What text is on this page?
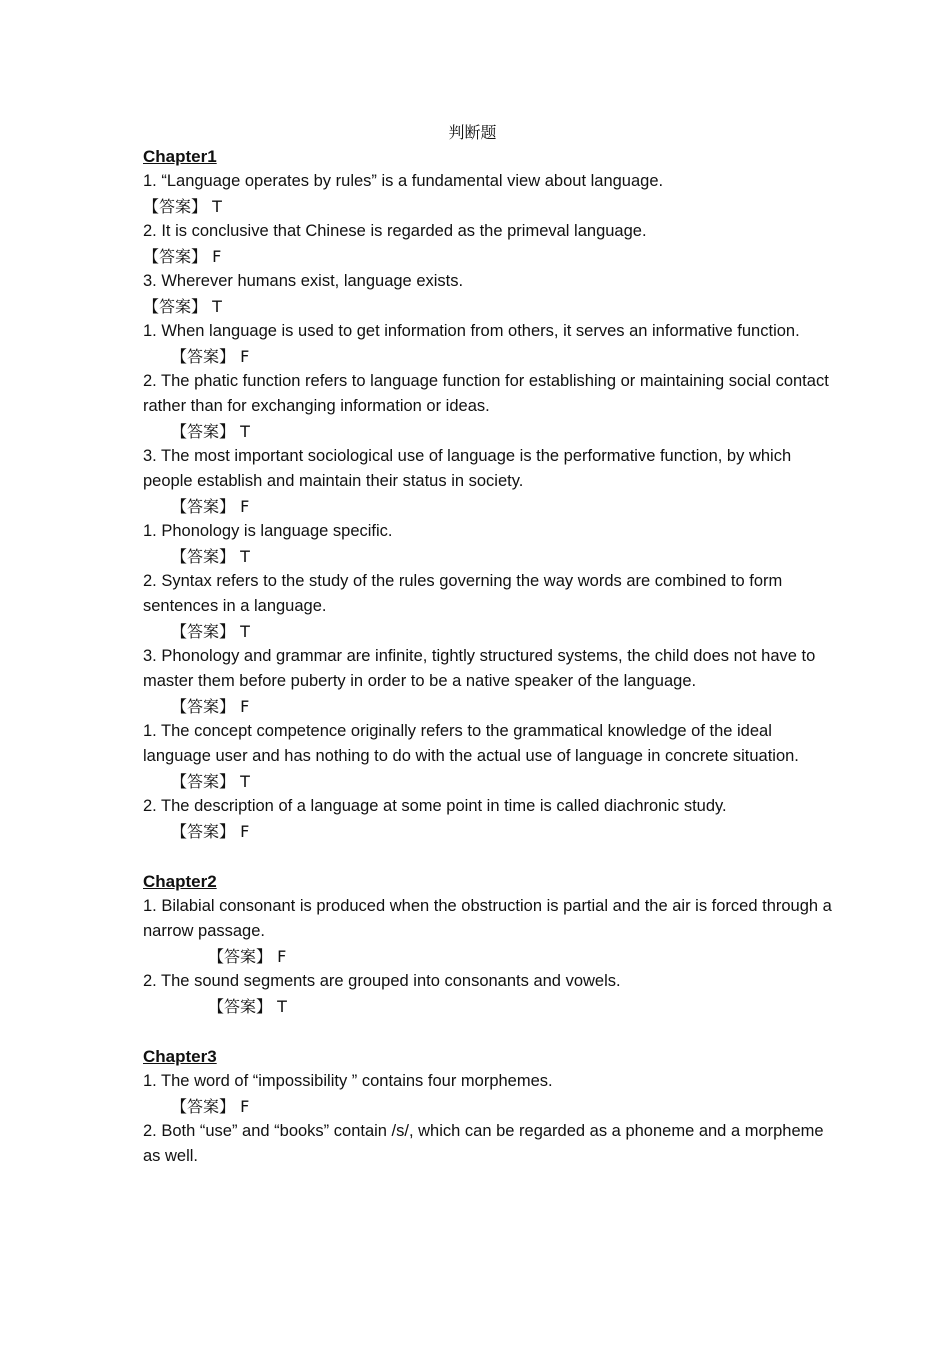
判断题
Chapter1
1. “Language operates by rules” is a fundamental view about language.
【答案】 T
2. It is conclusive that Chinese is regarded as the primeval language.
【答案】 F
3. Wherever humans exist, language exists.
【答案】 T
1. When language is used to get information from others, it serves an informative function.
【答案】 F
2. The phatic function refers to language function for establishing or maintaining social contact rather than for exchanging information or ideas.
【答案】 T
3. The most important sociological use of language is the performative function, by which people establish and maintain their status in society.
【答案】 F
1. Phonology is language specific.
【答案】 T
2. Syntax refers to the study of the rules governing the way words are combined to form sentences in a language.
【答案】 T
3. Phonology and grammar are infinite, tightly structured systems, the child does not have to master them before puberty in order to be a native speaker of the language.
【答案】 F
1. The concept competence originally refers to the grammatical knowledge of the ideal language user and has nothing to do with the actual use of language in concrete situation.
【答案】 T
2. The description of a language at some point in time is called diachronic study.
【答案】 F
Chapter2
1. Bilabial consonant is produced when the obstruction is partial and the air is forced through a narrow passage.
【答案】 F
2. The sound segments are grouped into consonants and vowels.
【答案】 T
Chapter3
1. The word of “impossibility ” contains four morphemes.
【答案】 F
2. Both “use” and “books” contain /s/, which can be regarded as a phoneme and a morpheme as well.
